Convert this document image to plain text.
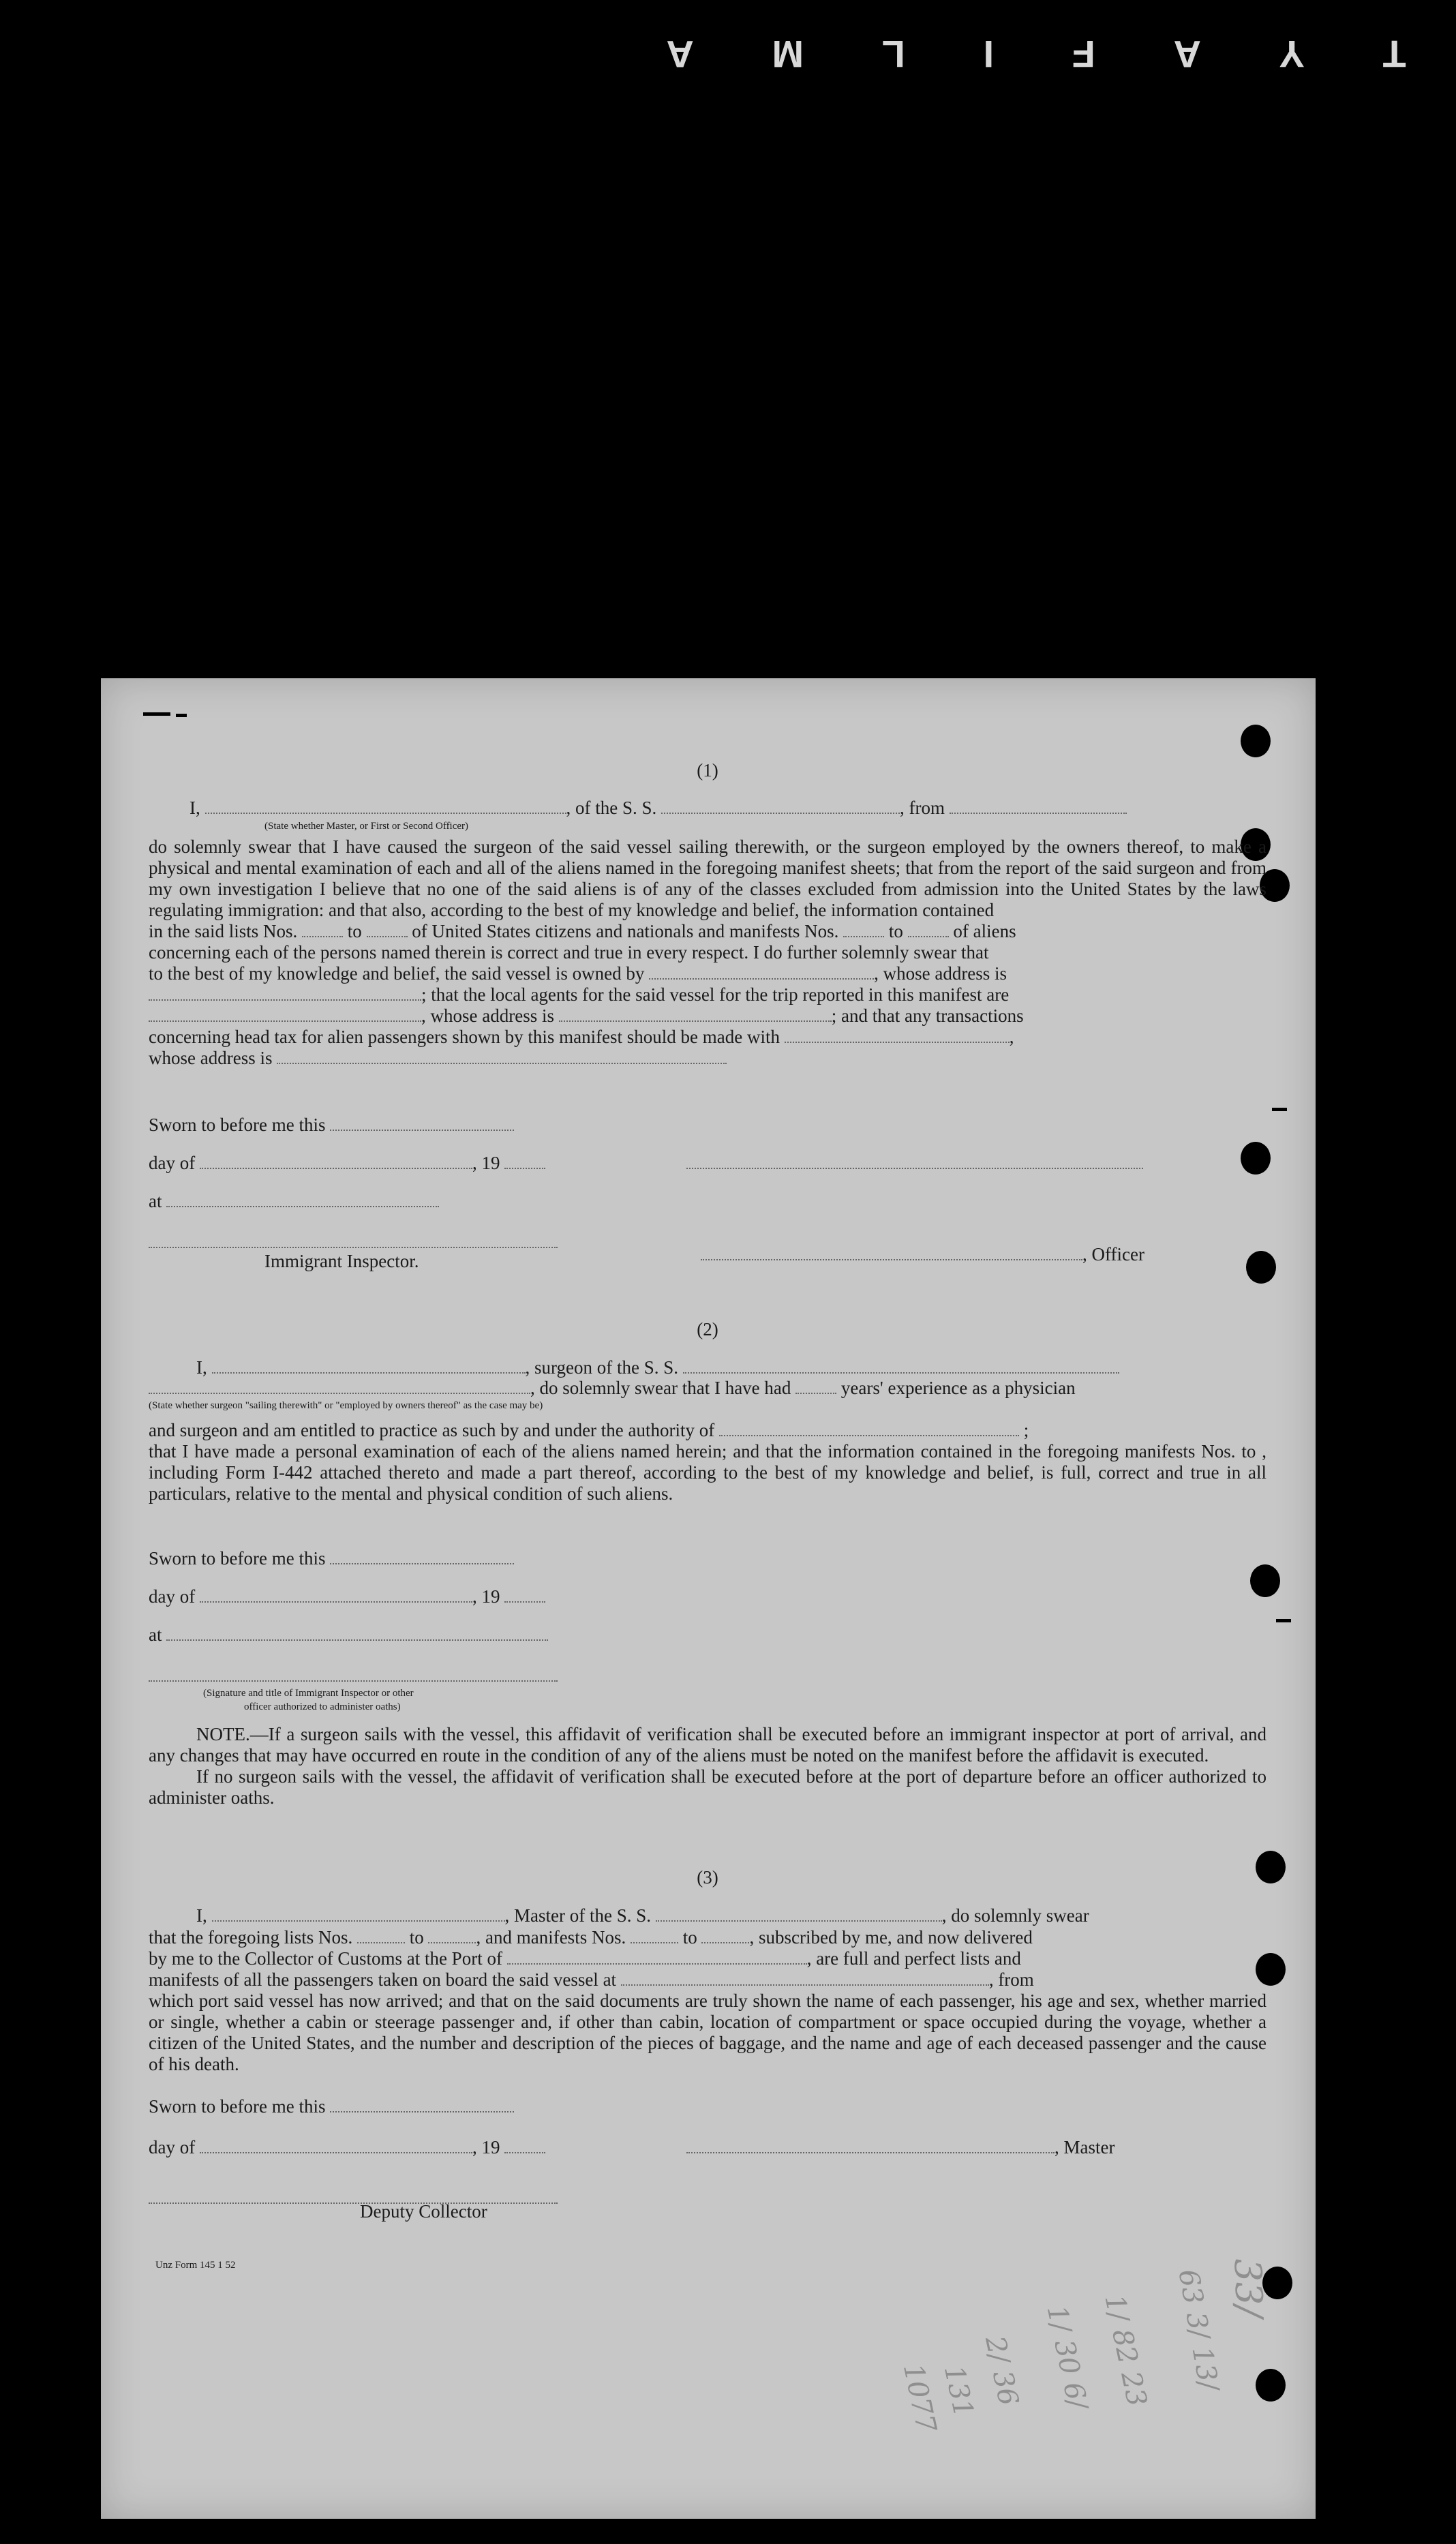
T
Y
A
F
I
L
M
A
(1)
I,	, of the S. S.	, from
(State whether Master, or First or Second Officer)

do solemnly swear that I have caused the surgeon of the said vessel sailing therewith, or the surgeon employed by the owners thereof, to make a physical and mental examination of each and all of the aliens named in the foregoing manifest sheets; that from the report of the said surgeon and from my own investigation I believe that no one of the said aliens is of any of the classes excluded from admission into the United States by the laws regulating immigration: and that also, according to the best of my knowledge and belief, the information contained

in the said lists Nos.	to	of United States citizens and nationals and manifests Nos.	to	of aliens

concerning each of the persons named therein is correct and true in every respect. I do further solemnly swear that

to the best of my knowledge and belief, the said vessel is owned by	, whose address is
; that the local agents for the said vessel for the trip reported in this manifest are
, whose address is	; and that any transactions
concerning head tax for alien passengers shown by this manifest should be made with	,
whose address is
Sworn to before me this
day of	, 19
at
Immigrant Inspector.	, Officer
(2)
I,	, surgeon of the S. S.
, do solemnly swear that I have had	years' experience as a physician
(State whether surgeon "sailing therewith" or "employed by owners thereof" as the case may be)
and surgeon and am entitled to practice as such by and under the authority of	;

that I have made a personal examination of each of the aliens named herein; and that the information contained in the foregoing manifests Nos. to , including Form I-442 attached thereto and made a part thereof, according to the best of my knowledge and belief, is full, correct and true in all particulars, relative to the mental and physical condition of such aliens.

Sworn to before me this
day of	, 19
at
(Signature and title of Immigrant Inspector or other
officer authorized to administer oaths)

NOTE.—If a surgeon sails with the vessel, this affidavit of verification shall be executed before an immigrant inspector at port of arrival, and any changes that may have occurred en route in the condition of any of the aliens must be noted on the manifest before the affidavit is executed.

If no surgeon sails with the vessel, the affidavit of verification shall be executed before at the port of departure before an officer authorized to administer oaths.

(3)
I,	, Master of the S. S.	, do solemnly swear
that the foregoing lists Nos.	to	, and manifests Nos.	to	, subscribed by me, and now delivered
by me to the Collector of Customs at the Port of	, are full and perfect lists and
manifests of all the passengers taken on board the said vessel at	, from

which port said vessel has now arrived; and that on the said documents are truly shown the name of each passenger, his age and sex, whether married or single, whether a cabin or steerage passenger and, if other than cabin, location of compartment or space occupied during the voyage, whether a citizen of the United States, and the number and description of the pieces of baggage, and the name and age of each deceased passenger and the cause of his death.

Sworn to before me this
day of	, 19	, Master
Deputy Collector
Unz Form 145 1 52	33/
63 3/ 13/
1/ 82 23
1/ 30 6/
2/ 36
131
1077
